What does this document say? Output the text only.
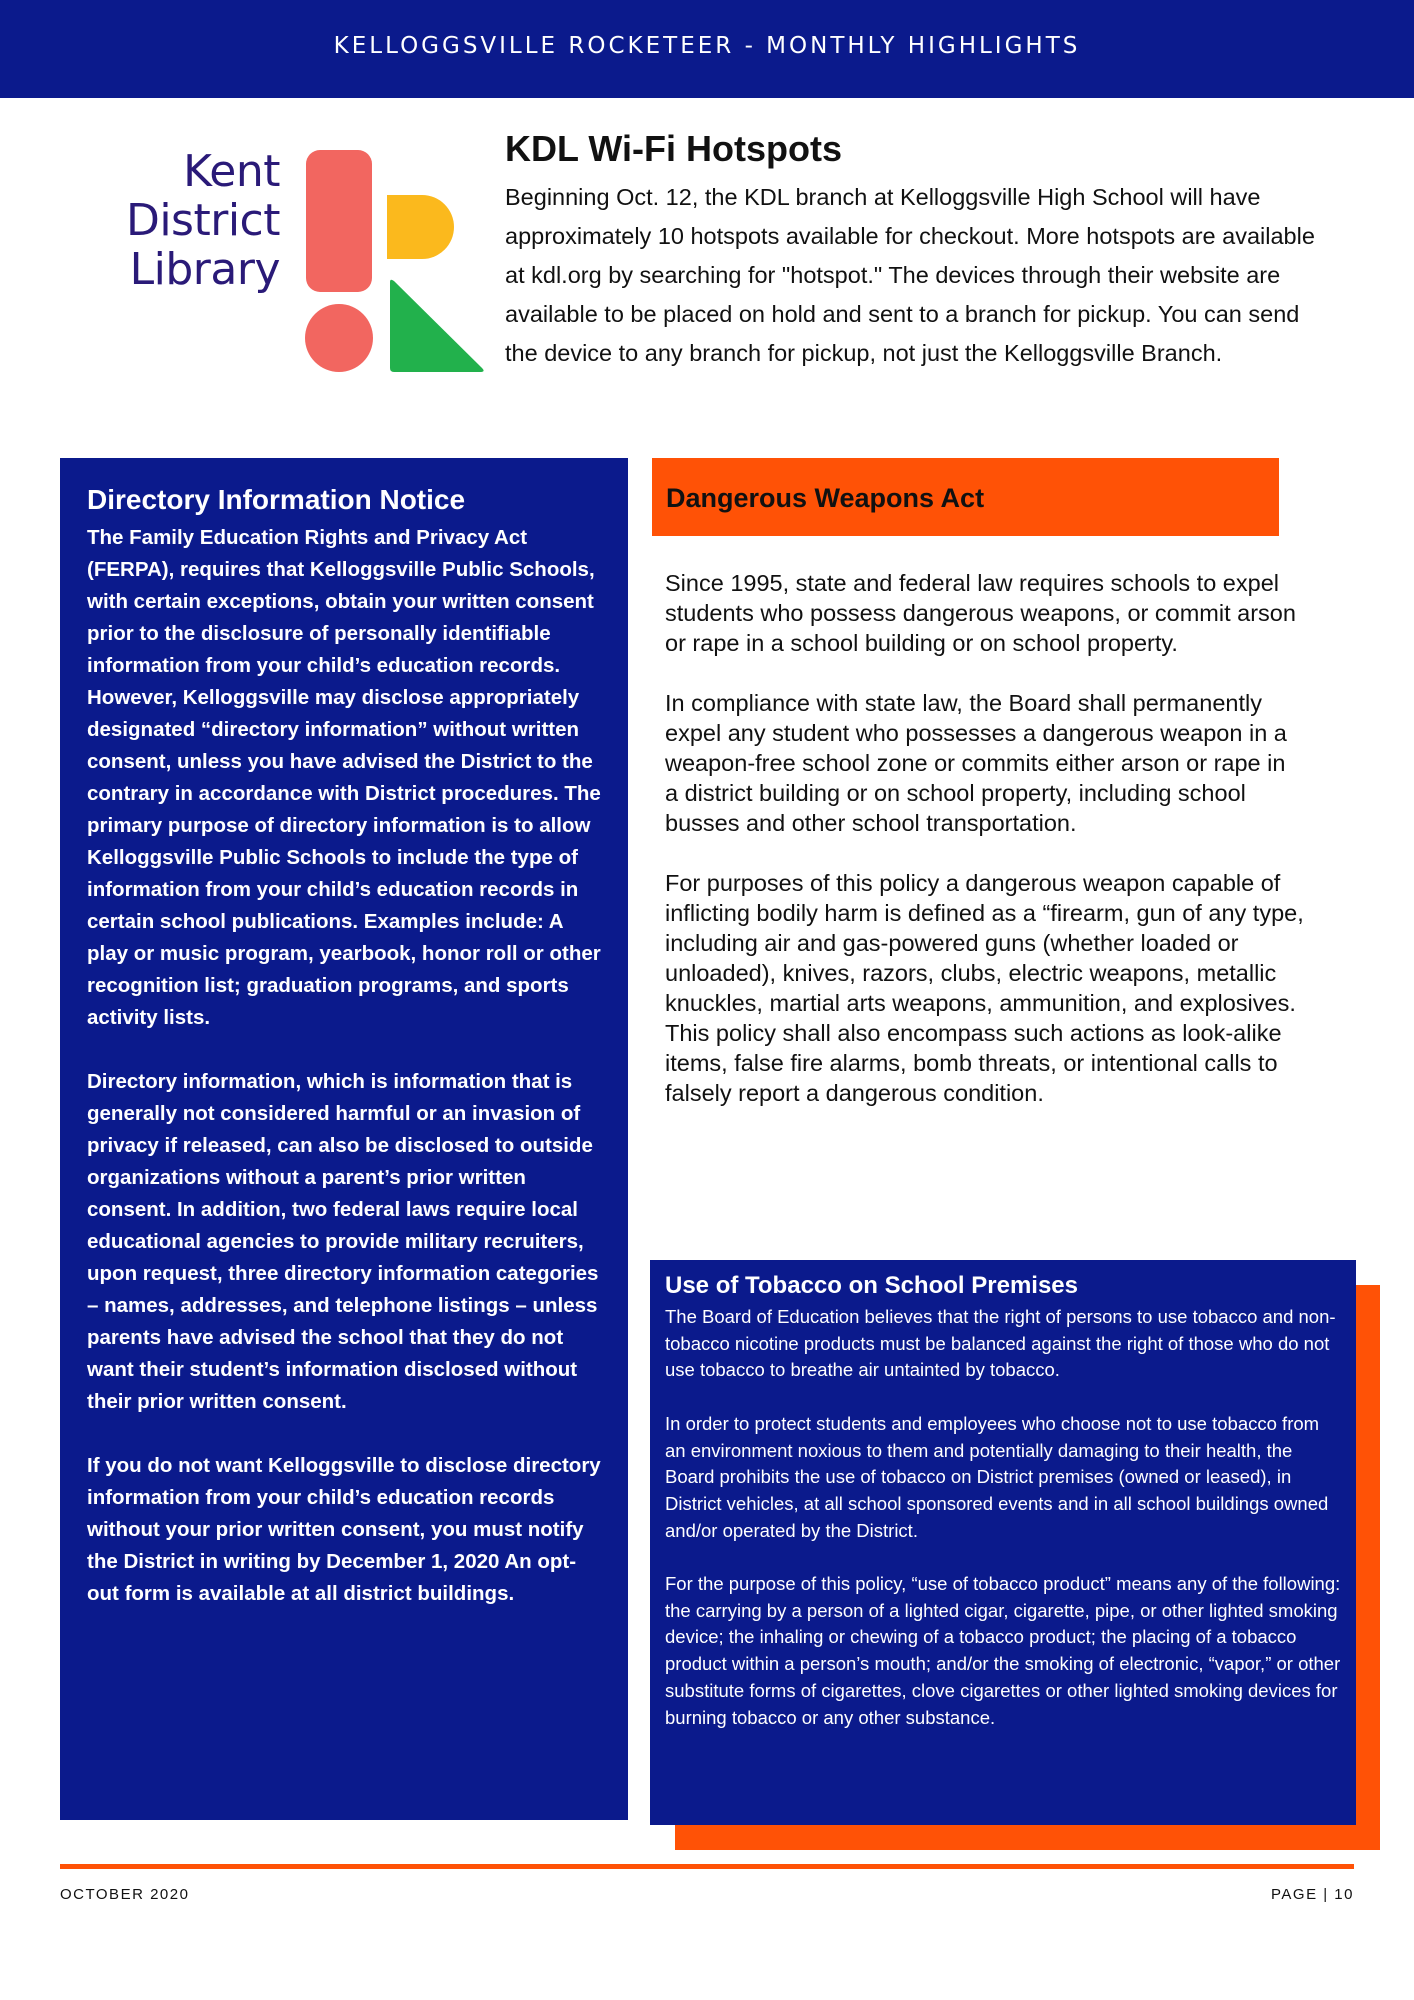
KELLOGGSVILLE ROCKETEER - MONTHLY HIGHLIGHTS
Kent
District
Library
KDL Wi-Fi Hotspots
Beginning Oct. 12, the KDL branch at Kelloggsville High School will have approximately 10 hotspots available for checkout. More hotspots are available at kdl.org by searching for "hotspot." The devices through their website are available to be placed on hold and sent to a branch for pickup. You can send the device to any branch for pickup, not just the Kelloggsville Branch.
Directory Information Notice

The Family Education Rights and Privacy Act (FERPA), requires that Kelloggsville Public Schools, with certain exceptions, obtain your written consent prior to the disclosure of personally identifiable information from your child’s education records. However, Kelloggsville may disclose appropriately designated “directory information” without written consent, unless you have advised the District to the contrary in accordance with District procedures. The primary purpose of directory information is to allow Kelloggsville Public Schools to include the type of information from your child’s education records in certain school publications. Examples include: A play or music program, yearbook, honor roll or other recognition list; graduation programs, and sports activity lists.

Directory information, which is information that is generally not considered harmful or an invasion of privacy if released, can also be disclosed to outside organizations without a parent’s prior written consent. In addition, two federal laws require local educational agencies to provide military recruiters, upon request, three directory information categories – names, addresses, and telephone listings – unless parents have advised the school that they do not want their student’s information disclosed without their prior written consent.

If you do not want Kelloggsville to disclose directory information from your child’s education records without your prior written consent, you must notify the District in writing by December 1, 2020 An opt-out form is available at all district buildings.

Dangerous Weapons Act

Since 1995, state and federal law requires schools to expel students who possess dangerous weapons, or commit arson or rape in a school building or on school property.

In compliance with state law, the Board shall permanently expel any student who possesses a dangerous weapon in a weapon-free school zone or commits either arson or rape in a district building or on school property, including school busses and other school transportation.

For purposes of this policy a dangerous weapon capable of inflicting bodily harm is defined as a “firearm, gun of any type, including air and gas-powered guns (whether loaded or unloaded), knives, razors, clubs, electric weapons, metallic knuckles, martial arts weapons, ammunition, and explosives. This policy shall also encompass such actions as look-alike items, false fire alarms, bomb threats, or intentional calls to falsely report a dangerous condition.

Use of Tobacco on School Premises

The Board of Education believes that the right of persons to use tobacco and non-tobacco nicotine products must be balanced against the right of those who do not use tobacco to breathe air untainted by tobacco.

In order to protect students and employees who choose not to use tobacco from an environment noxious to them and potentially damaging to their health, the Board prohibits the use of tobacco on District premises (owned or leased), in District vehicles, at all school sponsored events and in all school buildings owned and/or operated by the District.

For the purpose of this policy, “use of tobacco product” means any of the following: the carrying by a person of a lighted cigar, cigarette, pipe, or other lighted smoking device; the inhaling or chewing of a tobacco product; the placing of a tobacco product within a person’s mouth; and/or the smoking of electronic, “vapor,” or other substitute forms of cigarettes, clove cigarettes or other lighted smoking devices for burning tobacco or any other substance.

OCTOBER 2020	PAGE | 10
